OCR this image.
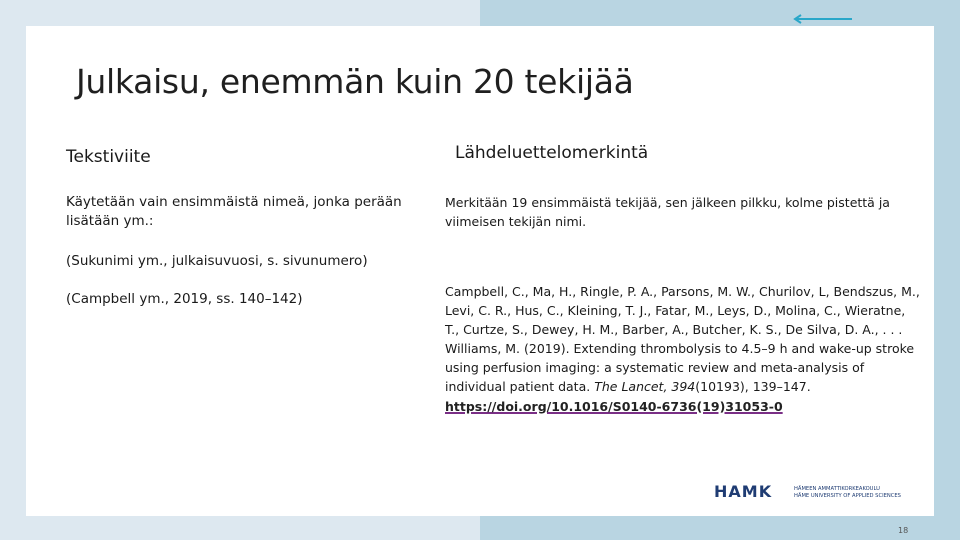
Julkaisu, enemmän kuin 20 tekijää
Tekstiviite	Lähdeluettelomerkintä

Käytetään vain ensimmäistä nimeä, jonka perään lisätään ym.:

(Sukunimi ym., julkaisuvuosi, s. sivunumero)

(Campbell ym., 2019, ss. 140–142)

Merkitään 19 ensimmäistä tekijää, sen jälkeen pilkku, kolme pistettä ja viimeisen tekijän nimi.

Campbell, C., Ma, H., Ringle, P. A., Parsons, M. W., Churilov, L, Bendszus, M., Levi, C. R., Hus, C., Kleining, T. J., Fatar, M., Leys, D., Molina, C., Wieratne, T., Curtze, S., Dewey, H. M., Barber, A., Butcher, K. S., De Silva, D. A., . . . Williams, M. (2019). Extending thrombolysis to 4.5–9 h and wake-up stroke using perfusion imaging: a systematic review and meta-analysis of individual patient data. The Lancet, 394(10193), 139–147. https://doi.org/10.1016/S0140-6736(19)31053-0

HAMK	HÄMEEN AMMATTIKORKEAKOULU
HÄME UNIVERSITY OF APPLIED SCIENCES
18
